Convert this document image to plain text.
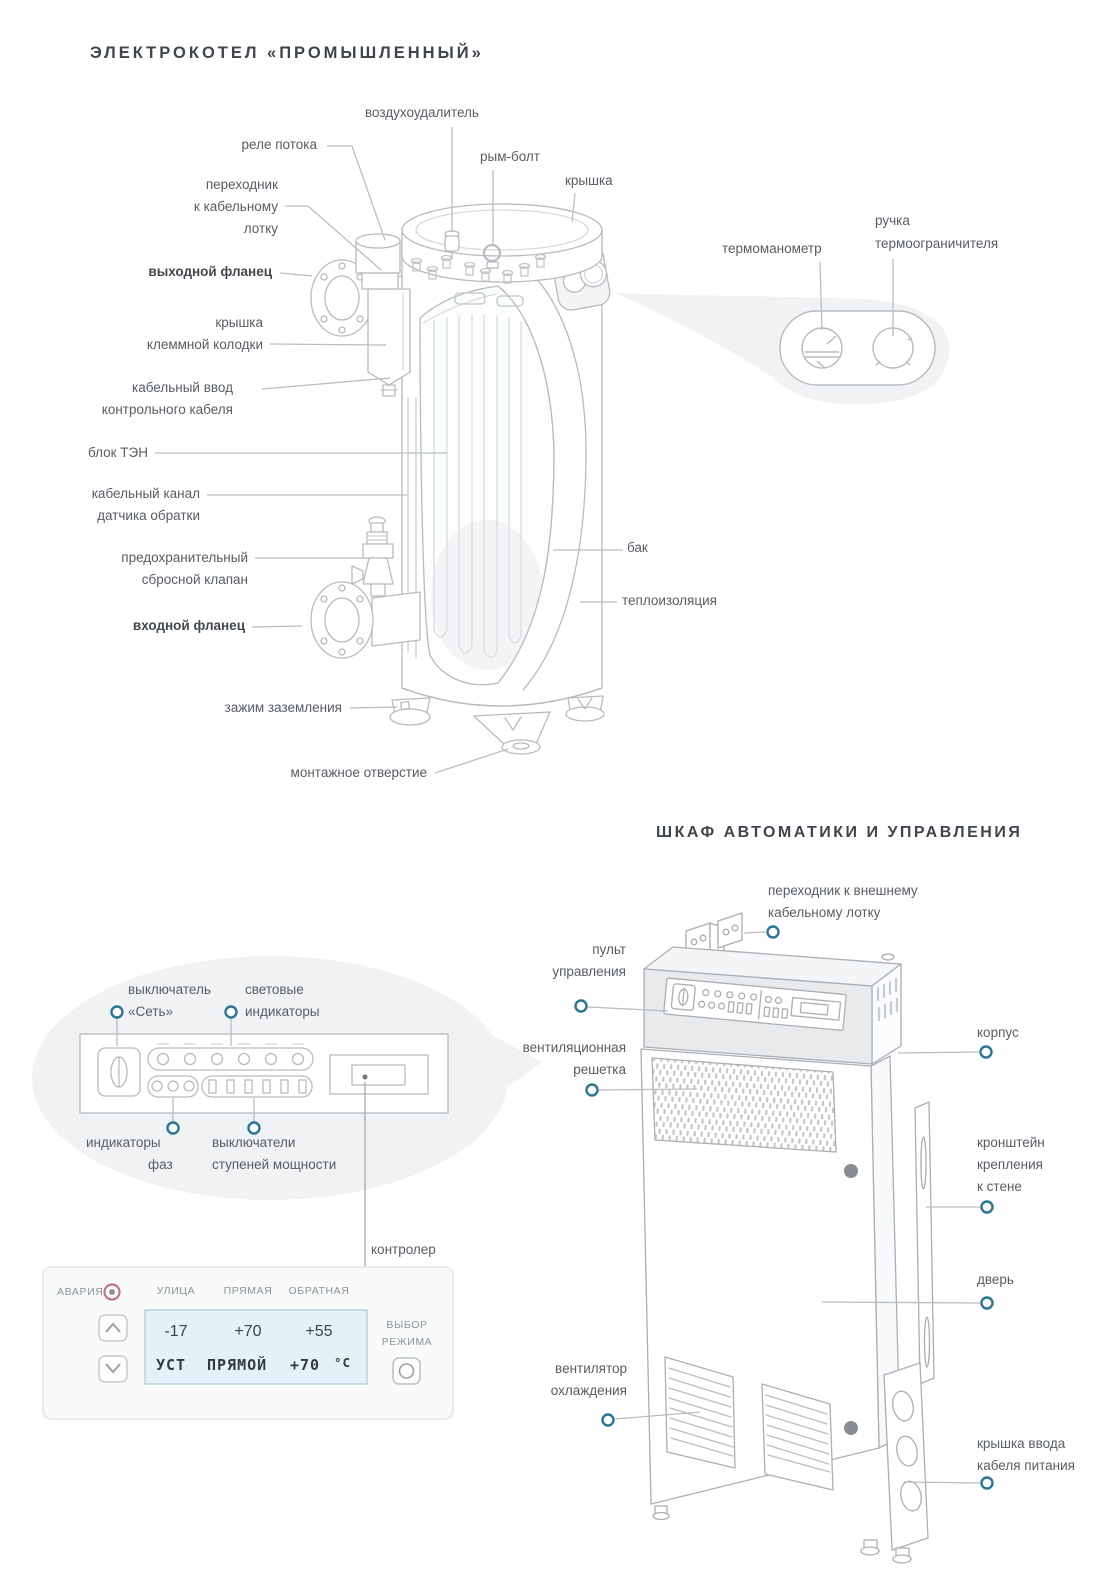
ЭЛЕКТРОКОТЕЛ «ПРОМЫШЛЕННЫЙ»
воздухоудалитель
реле потока
переходник
к кабельному
лотку
рым-болт
крышка
выходной фланец
крышка
клеммной колодки
кабельный ввод
контрольного кабеля
блок ТЭН
кабельный канал
датчика обратки
предохранительный
сбросной клапан
входной фланец
зажим заземления
монтажное отверстие
бак
теплоизоляция
термоманометр
ручка
термоограничителя
ШКАФ АВТОМАТИКИ И УПРАВЛЕНИЯ
переходник к внешнему
кабельному лотку
пульт
управления
вентиляционная
решетка
корпус
кронштейн
крепления
к стене
дверь
вентилятор
охлаждения
крышка ввода
кабеля питания
выключатель
«Сеть»
световые
индикаторы
индикаторы
фаз
выключатели
ступеней мощности
контролер
АВАРИЯ	УЛИЦА	ПРЯМАЯ	ОБРАТНАЯ
-17	+70	+55
УСТ ПРЯМОЙ +70 °C
ВЫБОР
РЕЖИМА
